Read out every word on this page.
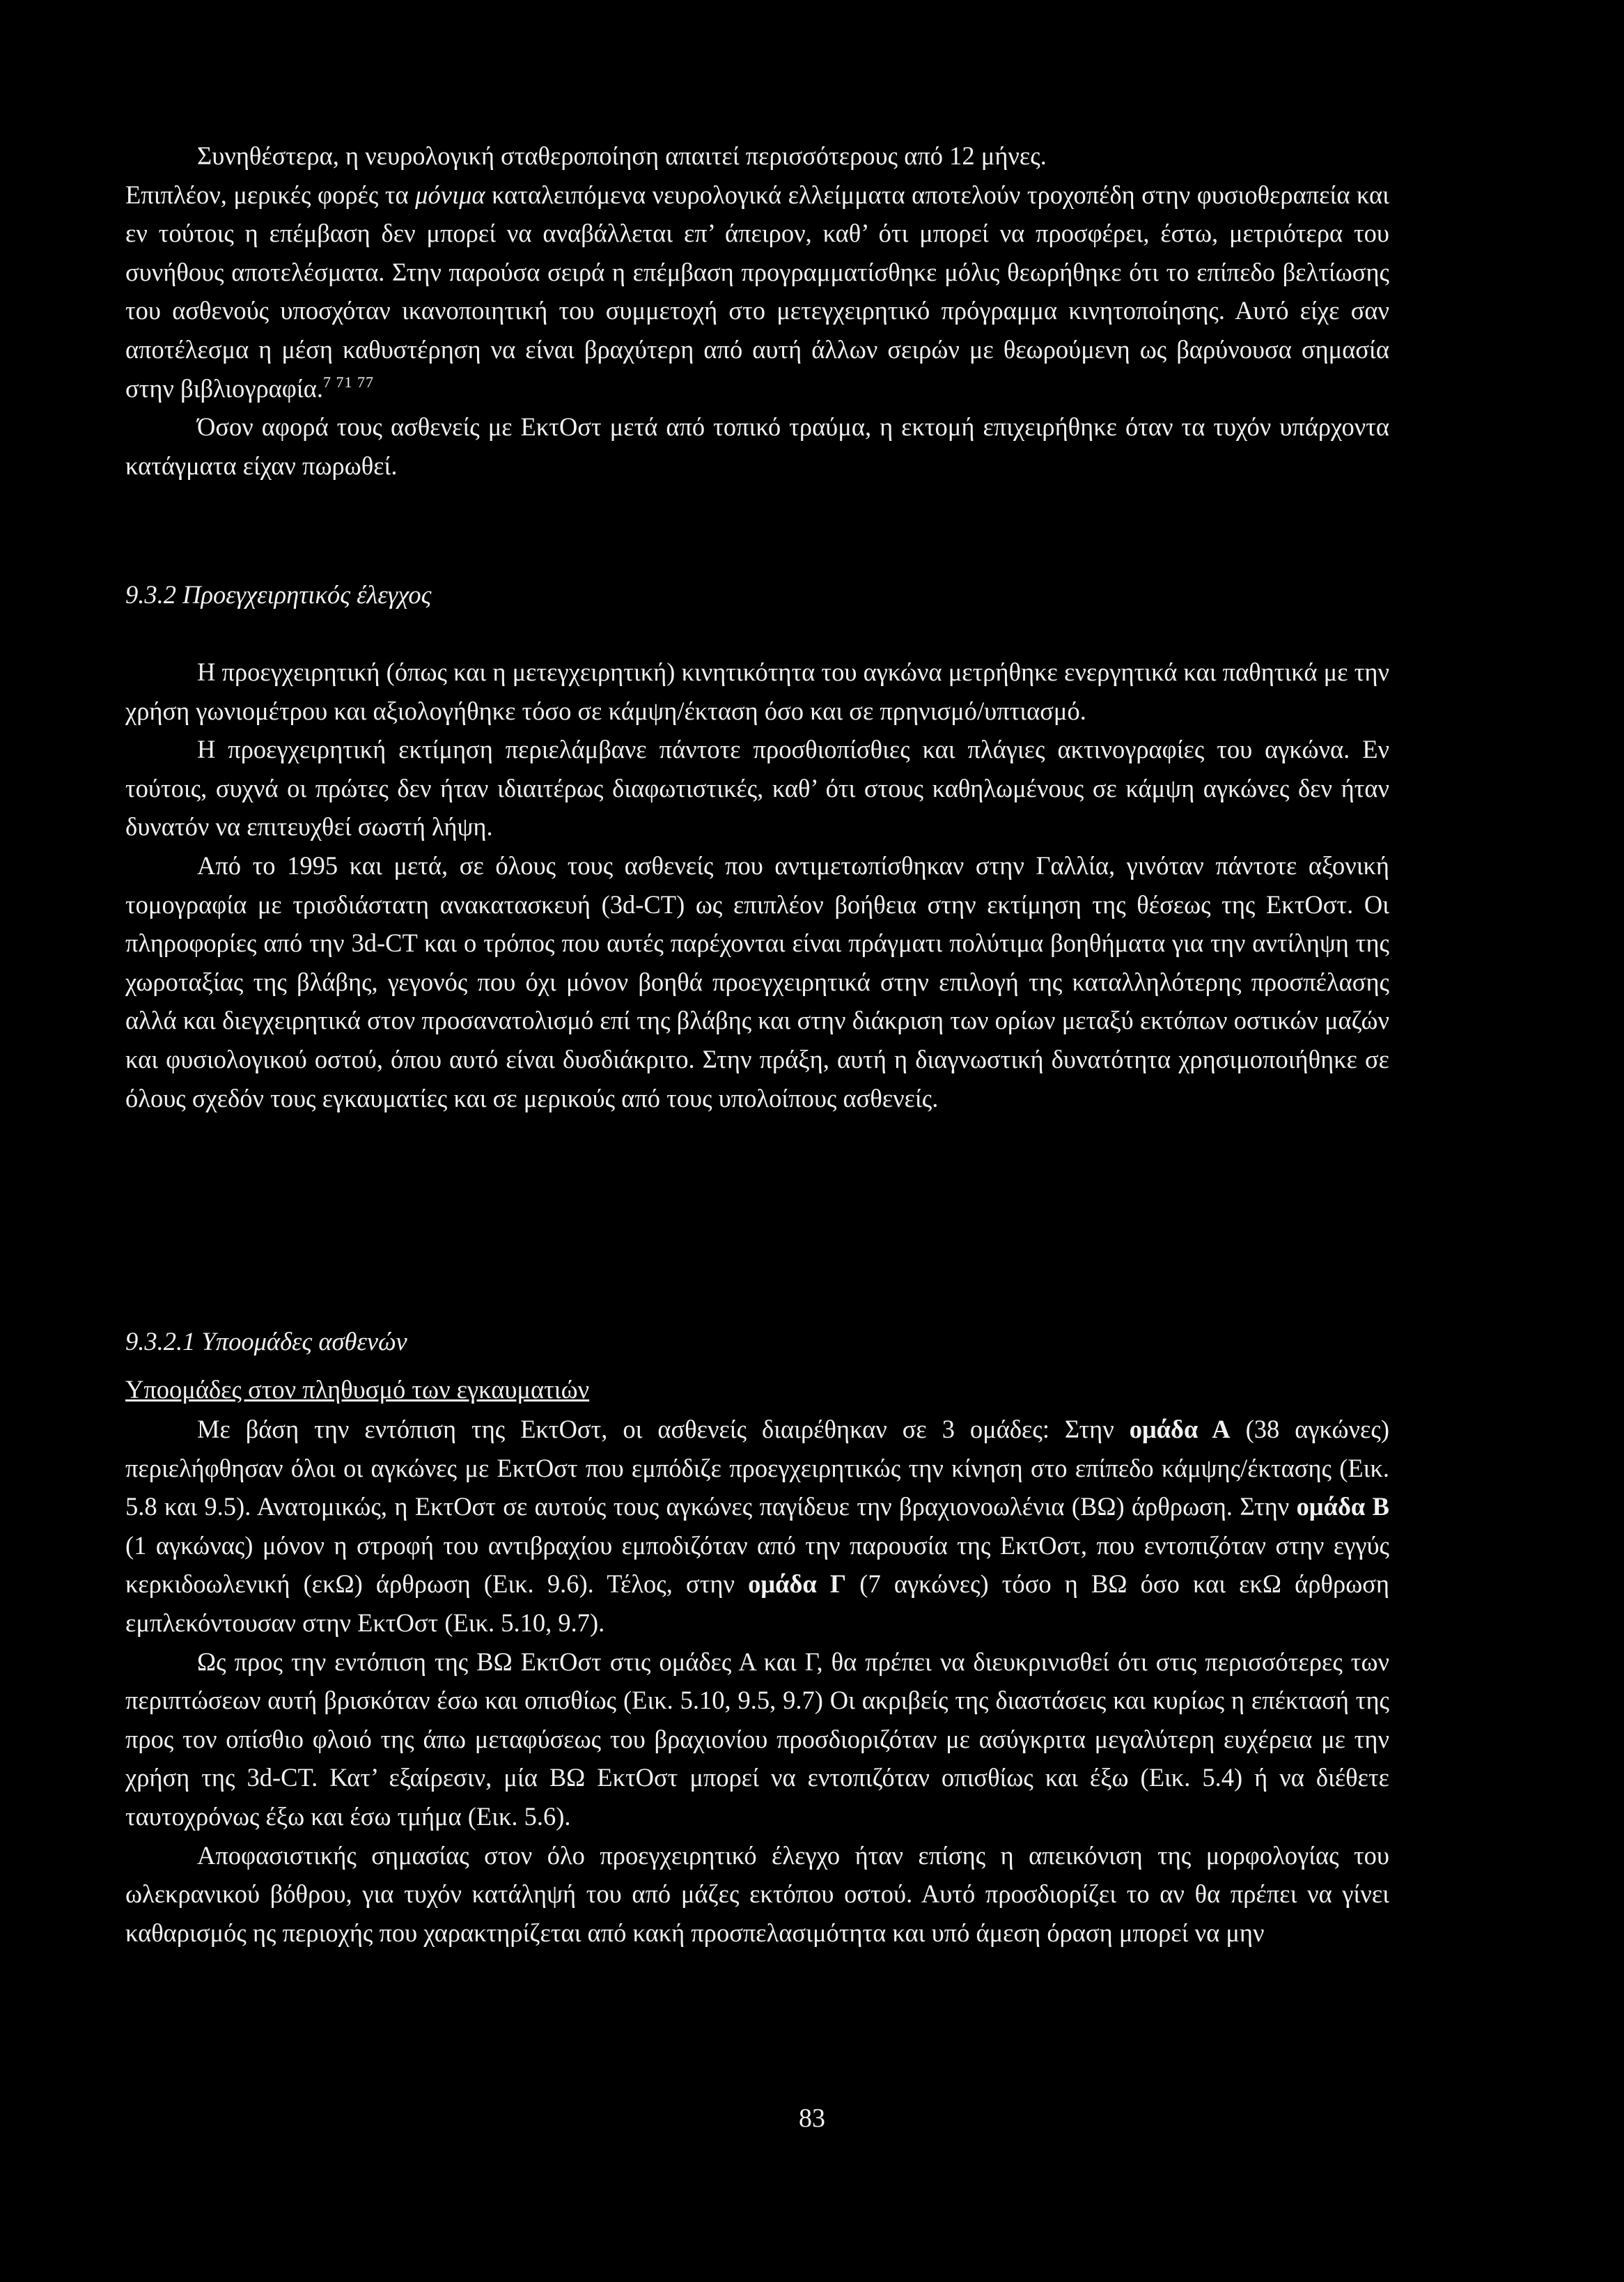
Συνηθέστερα, η νευρολογική σταθεροποίηση απαιτεί περισσότερους από 12 μήνες.

Επιπλέον, μερικές φορές τα μόνιμα καταλειπόμενα νευρολογικά ελλείμματα αποτελούν τροχοπέδη στην φυσιοθεραπεία και εν τούτοις η επέμβαση δεν μπορεί να αναβάλλεται επ’ άπειρον, καθ’ ότι μπορεί να προσφέρει, έστω, μετριότερα του συνήθους αποτελέσματα. Στην παρούσα σειρά η επέμβαση προγραμματίσθηκε μόλις θεωρήθηκε ότι το επίπεδο βελτίωσης του ασθενούς υποσχόταν ικανοποιητική του συμμετοχή στο μετεγχειρητικό πρόγραμμα κινητοποίησης. Αυτό είχε σαν αποτέλεσμα η μέση καθυστέρηση να είναι βραχύτερη από αυτή άλλων σειρών με θεωρούμενη ως βαρύνουσα σημασία στην βιβλιογραφία.$^{7 71 77}$

Όσον αφορά τους ασθενείς με ΕκτΟστ μετά από τοπικό τραύμα, η εκτομή επιχειρήθηκε όταν τα τυχόν υπάρχοντα κατάγματα είχαν πωρωθεί.

9.3.2 Προεγχειρητικός έλεγχος

Η προεγχειρητική (όπως και η μετεγχειρητική) κινητικότητα του αγκώνα μετρήθηκε ενεργητικά και παθητικά με την χρήση γωνιομέτρου και αξιολογήθηκε τόσο σε κάμψη/έκταση όσο και σε πρηνισμό/υπτιασμό.

Η προεγχειρητική εκτίμηση περιελάμβανε πάντοτε προσθιοπίσθιες και πλάγιες ακτινογραφίες του αγκώνα. Εν τούτοις, συχνά οι πρώτες δεν ήταν ιδιαιτέρως διαφωτιστικές, καθ’ ότι στους καθηλωμένους σε κάμψη αγκώνες δεν ήταν δυνατόν να επιτευχθεί σωστή λήψη.

Από το 1995 και μετά, σε όλους τους ασθενείς που αντιμετωπίσθηκαν στην Γαλλία, γινόταν πάντοτε αξονική τομογραφία με τρισδιάστατη ανακατασκευή (3d-CT) ως επιπλέον βοήθεια στην εκτίμηση της θέσεως της ΕκτΟστ. Οι πληροφορίες από την 3d-CT και ο τρόπος που αυτές παρέχονται είναι πράγματι πολύτιμα βοηθήματα για την αντίληψη της χωροταξίας της βλάβης, γεγονός που όχι μόνον βοηθά προεγχειρητικά στην επιλογή της καταλληλότερης προσπέλασης αλλά και διεγχειρητικά στον προσανατολισμό επί της βλάβης και στην διάκριση των ορίων μεταξύ εκτόπων οστικών μαζών και φυσιολογικού οστού, όπου αυτό είναι δυσδιάκριτο. Στην πράξη, αυτή η διαγνωστική δυνατότητα χρησιμοποιήθηκε σε όλους σχεδόν τους εγκαυματίες και σε μερικούς από τους υπολοίπους ασθενείς.

9.3.2.1 Υποομάδες ασθενών
Υποομάδες στον πληθυσμό των εγκαυματιών

Με βάση την εντόπιση της ΕκτΟστ, οι ασθενείς διαιρέθηκαν σε 3 ομάδες: Στην ομάδα Α (38 αγκώνες) περιελήφθησαν όλοι οι αγκώνες με ΕκτΟστ που εμπόδιζε προεγχειρητικώς την κίνηση στο επίπεδο κάμψης/έκτασης (Εικ. 5.8 και 9.5). Ανατομικώς, η ΕκτΟστ σε αυτούς τους αγκώνες παγίδευε την βραχιονοωλένια (ΒΩ) άρθρωση. Στην ομάδα Β (1 αγκώνας) μόνον η στροφή του αντιβραχίου εμποδιζόταν από την παρουσία της ΕκτΟστ, που εντοπιζόταν στην εγγύς κερκιδοωλενική (εκΩ) άρθρωση (Εικ. 9.6). Τέλος, στην ομάδα Γ (7 αγκώνες) τόσο η ΒΩ όσο και εκΩ άρθρωση εμπλεκόντουσαν στην ΕκτΟστ (Εικ. 5.10, 9.7).

Ως προς την εντόπιση της ΒΩ ΕκτΟστ στις ομάδες Α και Γ, θα πρέπει να διευκρινισθεί ότι στις περισσότερες των περιπτώσεων αυτή βρισκόταν έσω και οπισθίως (Εικ. 5.10, 9.5, 9.7) Οι ακριβείς της διαστάσεις και κυρίως η επέκτασή της προς τον οπίσθιο φλοιό της άπω μεταφύσεως του βραχιονίου προσδιοριζόταν με ασύγκριτα μεγαλύτερη ευχέρεια με την χρήση της 3d-CT. Κατ’ εξαίρεσιν, μία ΒΩ ΕκτΟστ μπορεί να εντοπιζόταν οπισθίως και έξω (Εικ. 5.4) ή να διέθετε ταυτοχρόνως έξω και έσω τμήμα (Εικ. 5.6).

Αποφασιστικής σημασίας στον όλο προεγχειρητικό έλεγχο ήταν επίσης η απεικόνιση της μορφολογίας του ωλεκρανικού βόθρου, για τυχόν κατάληψή του από μάζες εκτόπου οστού. Αυτό προσδιορίζει το αν θα πρέπει να γίνει καθαρισμός ης περιοχής που χαρακτηρίζεται από κακή προσπελασιμότητα και υπό άμεση όραση μπορεί να μην

83
